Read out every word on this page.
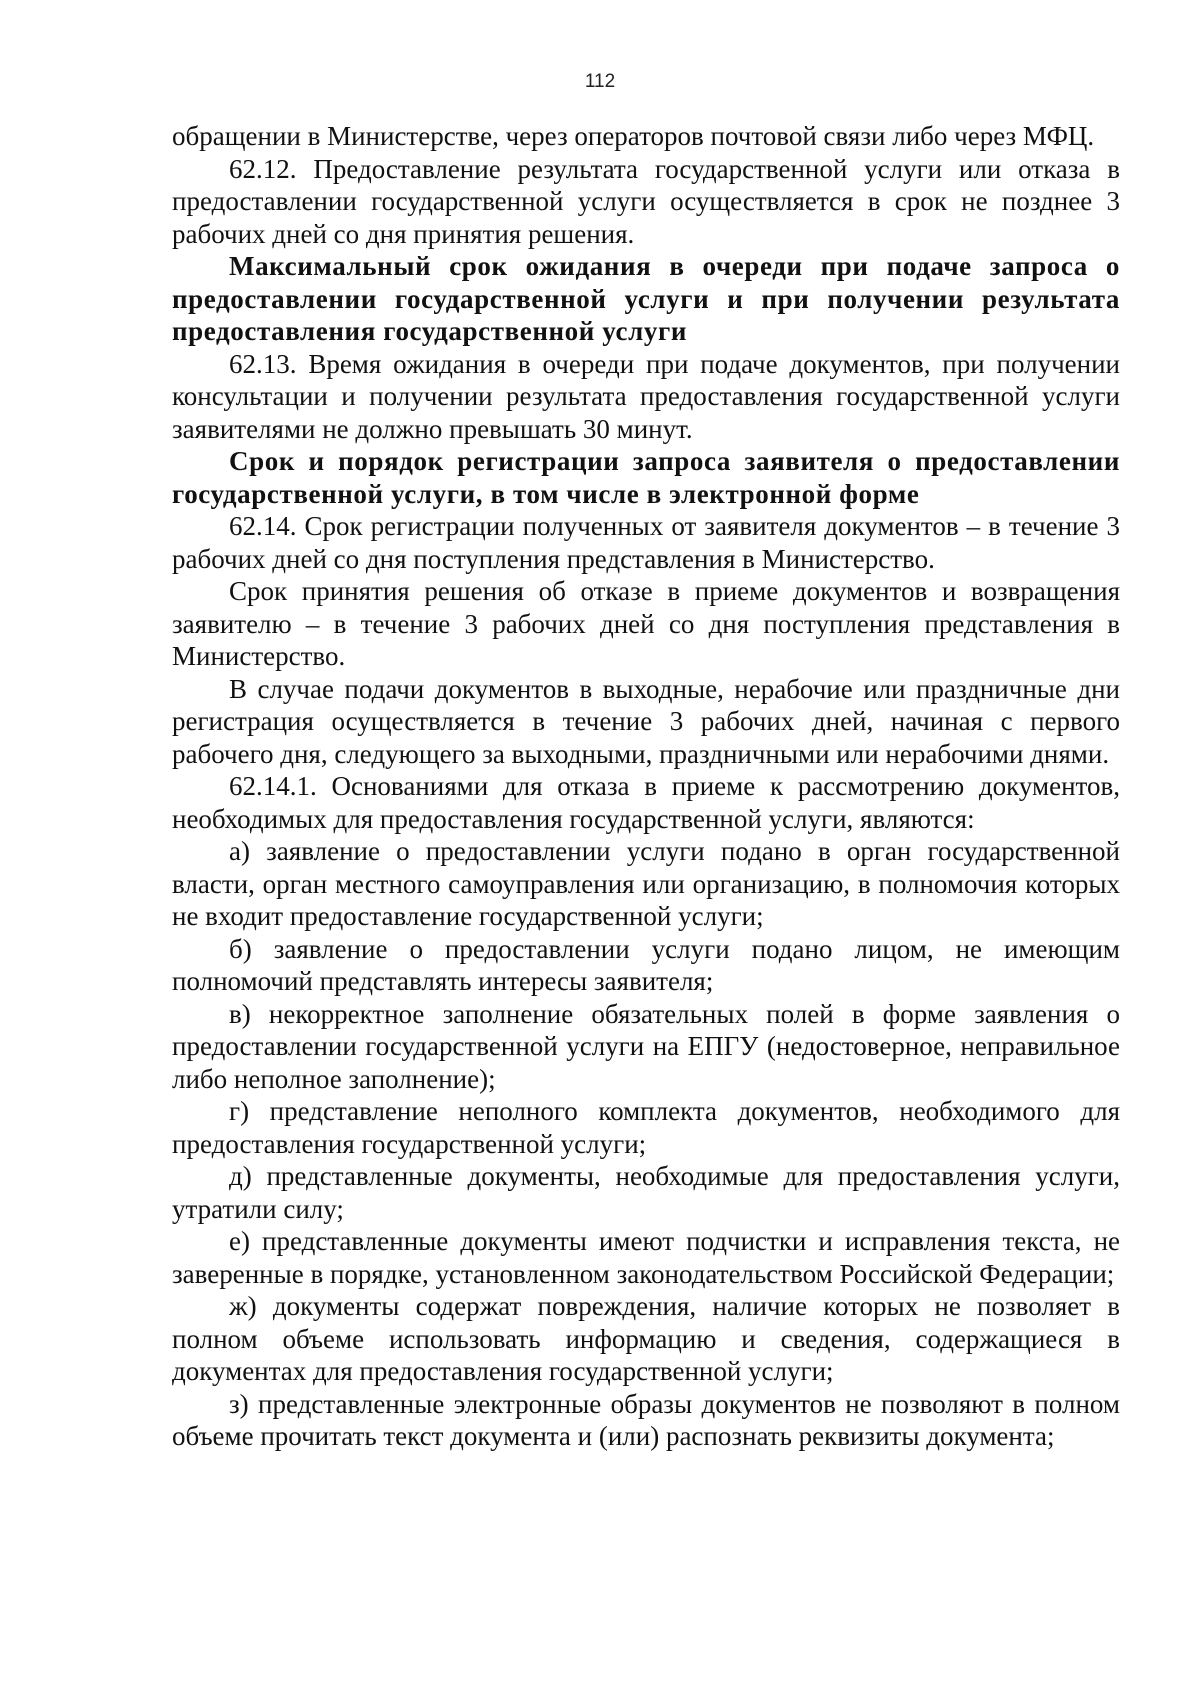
112

обращении в Министерстве, через операторов почтовой связи либо через МФЦ.

62.12. Предоставление результата государственной услуги или отказа в предоставлении государственной услуги осуществляется в срок не позднее 3 рабочих дней со дня принятия решения.

Максимальный срок ожидания в очереди при подаче запроса о предоставлении государственной услуги и при получении результата предоставления государственной услуги

62.13. Время ожидания в очереди при подаче документов, при получении консультации и получении результата предоставления государственной услуги заявителями не должно превышать 30 минут.

Срок и порядок регистрации запроса заявителя о предоставлении государственной услуги, в том числе в электронной форме

62.14. Срок регистрации полученных от заявителя документов – в течение 3 рабочих дней со дня поступления представления в Министерство.

Срок принятия решения об отказе в приеме документов и возвращения заявителю – в течение 3 рабочих дней со дня поступления представления в Министерство.

В случае подачи документов в выходные, нерабочие или праздничные дни регистрация осуществляется в течение 3 рабочих дней, начиная с первого рабочего дня, следующего за выходными, праздничными или нерабочими днями.

62.14.1. Основаниями для отказа в приеме к рассмотрению документов, необходимых для предоставления государственной услуги, являются:

а) заявление о предоставлении услуги подано в орган государственной власти, орган местного самоуправления или организацию, в полномочия которых не входит предоставление государственной услуги;

б) заявление о предоставлении услуги подано лицом, не имеющим полномочий представлять интересы заявителя;

в) некорректное заполнение обязательных полей в форме заявления о предоставлении государственной услуги на ЕПГУ (недостоверное, неправильное либо неполное заполнение);

г) представление неполного комплекта документов, необходимого для предоставления государственной услуги;

д) представленные документы, необходимые для предоставления услуги, утратили силу;

е) представленные документы имеют подчистки и исправления текста, не заверенные в порядке, установленном законодательством Российской Федерации;

ж) документы содержат повреждения, наличие которых не позволяет в полном объеме использовать информацию и сведения, содержащиеся в документах для предоставления государственной услуги;

з) представленные электронные образы документов не позволяют в полном объеме прочитать текст документа и (или) распознать реквизиты документа;
